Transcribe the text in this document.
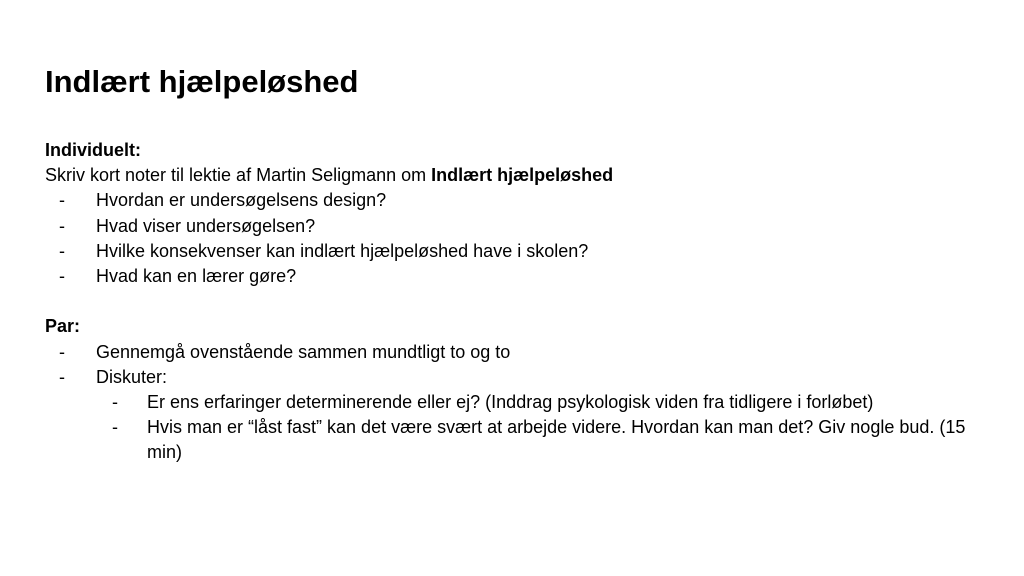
Indlært hjælpeløshed
Individuelt:
Skriv kort noter til lektie af Martin Seligmann om Indlært hjælpeløshed
- Hvordan er undersøgelsens design?
- Hvad viser undersøgelsen?
- Hvilke konsekvenser kan indlært hjælpeløshed have i skolen?
- Hvad kan en lærer gøre?
Par:
- Gennemgå ovenstående sammen mundtligt to og to
- Diskuter:
- Er ens erfaringer determinerende eller ej? (Inddrag psykologisk viden fra tidligere i forløbet)
- Hvis man er “låst fast” kan det være svært at arbejde videre. Hvordan kan man det? Giv nogle bud. (15 min)
